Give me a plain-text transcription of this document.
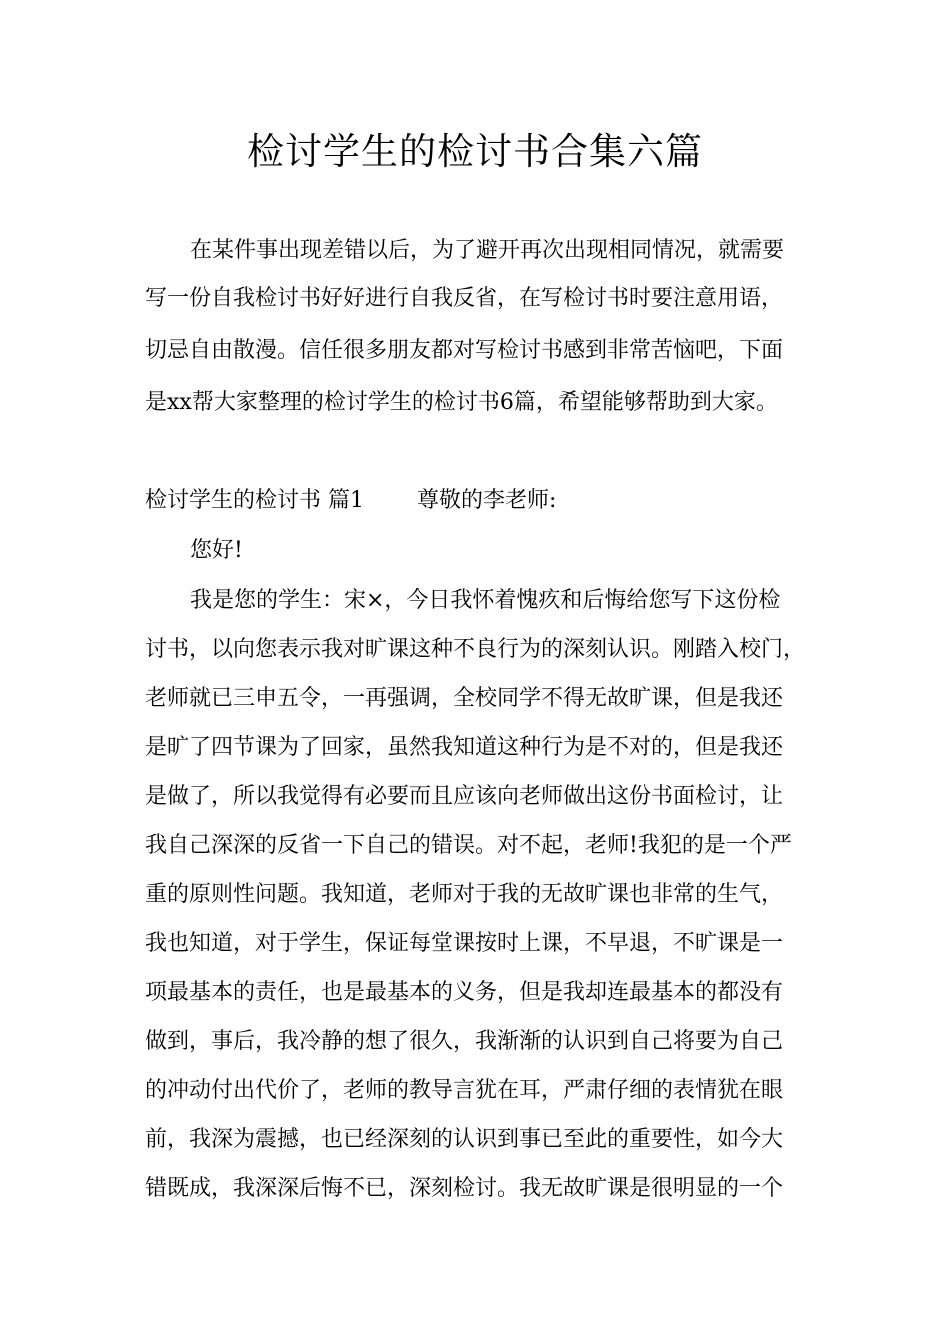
检讨学生的检讨书合集六篇

在某件事出现差错以后，为了避开再次出现相同情况，就需要

写一份自我检讨书好好进行自我反省，在写检讨书时要注意用语，

切忌自由散漫。信任很多朋友都对写检讨书感到非常苦恼吧，下面

是xx帮大家整理的检讨学生的检讨书6篇，希望能够帮助到大家。

检讨学生的检讨书 篇1 尊敬的李老师:

您好!

我是您的学生：宋×，今日我怀着愧疚和后悔给您写下这份检

讨书，以向您表示我对旷课这种不良行为的深刻认识。刚踏入校门，

老师就已三申五令，一再强调，全校同学不得无故旷课，但是我还

是旷了四节课为了回家，虽然我知道这种行为是不对的，但是我还

是做了，所以我觉得有必要而且应该向老师做出这份书面检讨，让

我自己深深的反省一下自己的错误。对不起，老师!我犯的是一个严

重的原则性问题。我知道，老师对于我的无故旷课也非常的生气，

我也知道，对于学生，保证每堂课按时上课，不早退，不旷课是一

项最基本的责任，也是最基本的义务，但是我却连最基本的都没有

做到，事后，我冷静的想了很久，我渐渐的认识到自己将要为自己

的冲动付出代价了，老师的教导言犹在耳，严肃仔细的表情犹在眼

前，我深为震撼，也已经深刻的认识到事已至此的重要性，如今大

错既成，我深深后悔不已，深刻检讨。我无故旷课是很明显的一个
